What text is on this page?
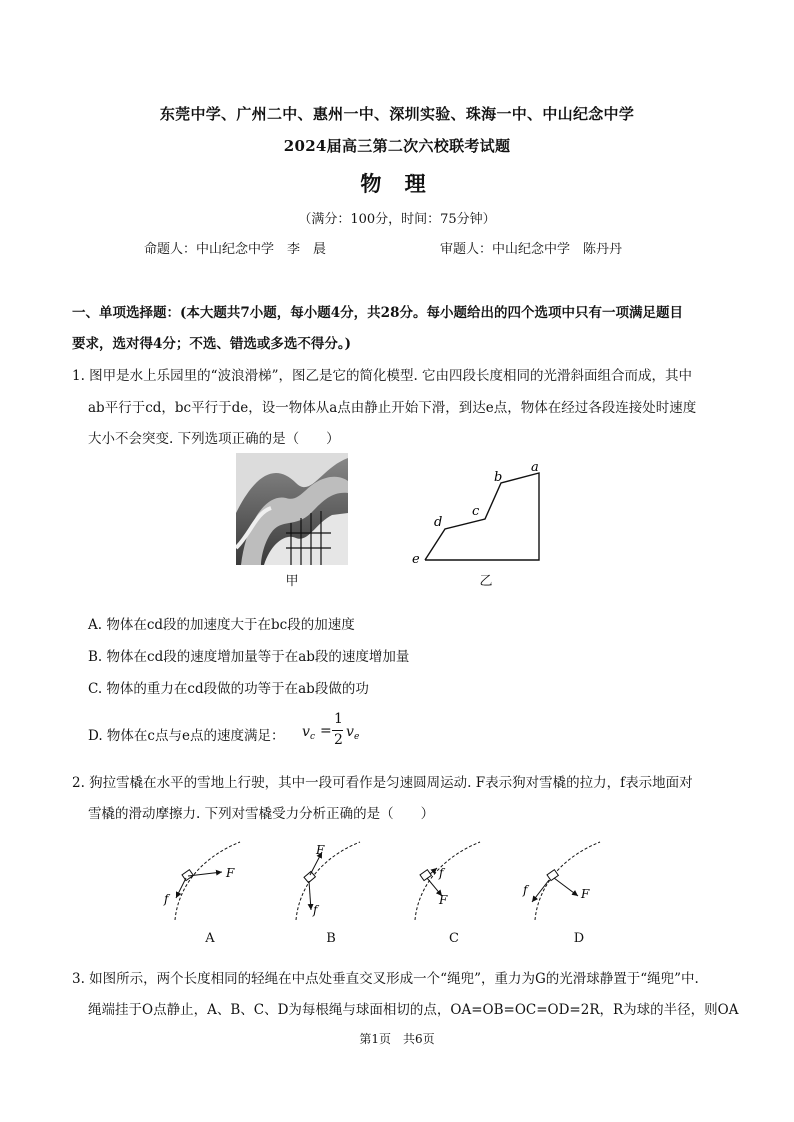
东莞中学、广州二中、惠州一中、深圳实验、珠海一中、中山纪念中学
2024届高三第二次六校联考试题
物 理
（满分：100分，时间：75分钟）
命题人：中山纪念中学　李　晨	审题人：中山纪念中学　陈丹丹
一、单项选择题：(本大题共7小题，每小题4分，共28分。每小题给出的四个选项中只有一项满足题目
要求，选对得4分；不选、错选或多选不得分。)
1. 图甲是水上乐园里的“波浪滑梯”，图乙是它的简化模型. 它由四段长度相同的光滑斜面组合而成，其中
ab平行于cd，bc平行于de，设一物体从a点由静止开始下滑，到达e点，物体在经过各段连接处时速度
大小不会突变. 下列选项正确的是（　　）
甲
a
b
c
d
e
乙
A. 物体在cd段的加速度大于在bc段的加速度
B. 物体在cd段的速度增加量等于在ab段的速度增加量
C. 物体的重力在cd段做的功等于在ab段做的功
D. 物体在c点与e点的速度满足： v c =
1
2 v e
2. 狗拉雪橇在水平的雪地上行驶，其中一段可看作是匀速圆周运动. F表示狗对雪橇的拉力，f表示地面对
雪橇的滑动摩擦力. 下列对雪橇受力分析正确的是（　　）
F
f
F
f
F
f
F
f
A	B	C	D
3. 如图所示，两个长度相同的轻绳在中点处垂直交叉形成一个“绳兜”，重力为G的光滑球静置于“绳兜”中.
绳端挂于O点静止，A、B、C、D为每根绳与球面相切的点，OA=OB=OC=OD=2R，R为球的半径，则OA
第1页　共6页
